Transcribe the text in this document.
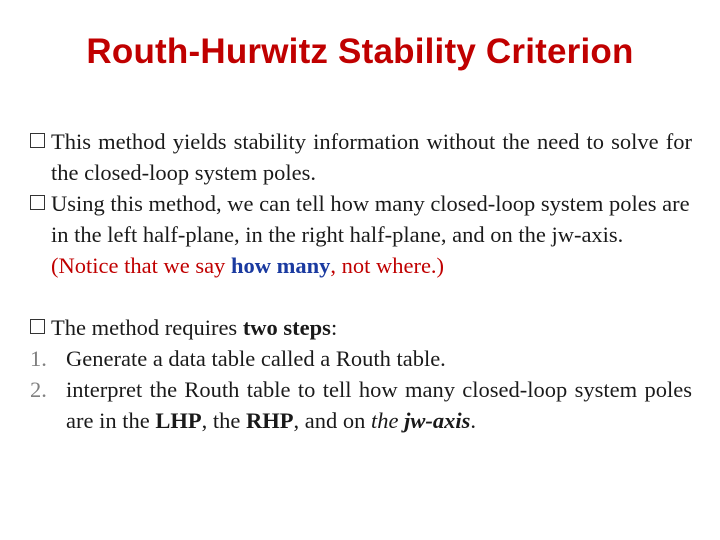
Routh-Hurwitz Stability Criterion
This method yields stability information without the need to solve for the closed-loop system poles.
Using this method, we can tell how many closed-loop system poles are in the left half-plane, in the right half-plane, and on the jw-axis. (Notice that we say how many, not where.)
The method requires two steps:
1. Generate a data table called a Routh table.
2. interpret the Routh table to tell how many closed-loop system poles are in the LHP, the RHP, and on the jw-axis.
